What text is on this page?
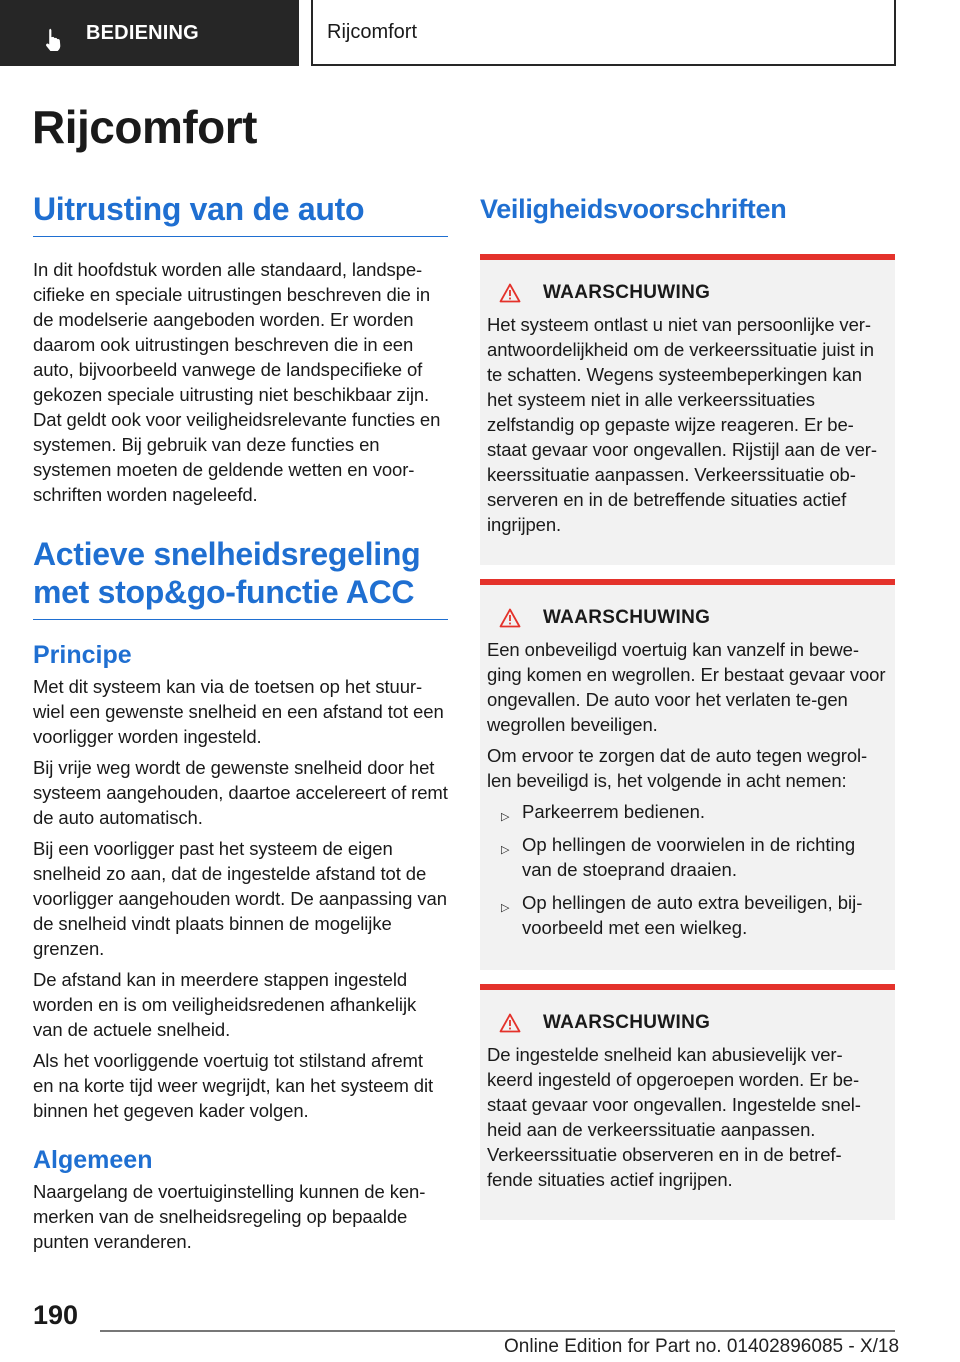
BEDIENING	Rijcomfort
Rijcomfort
Uitrusting van de auto

In dit hoofdstuk worden alle standaard, landspe-cifieke en speciale uitrustingen beschreven die in de modelserie aangeboden worden. Er worden daarom ook uitrustingen beschreven die in een auto, bijvoorbeeld vanwege de landspecifieke of gekozen speciale uitrusting niet beschikbaar zijn. Dat geldt ook voor veiligheidsrelevante functies en systemen. Bij gebruik van deze functies en systemen moeten de geldende wetten en voor-schriften worden nageleefd.

Actieve snelheidsregeling met stop&go-functie ACC
Principe

Met dit systeem kan via de toetsen op het stuur-wiel een gewenste snelheid en een afstand tot een voorligger worden ingesteld.

Bij vrije weg wordt de gewenste snelheid door het systeem aangehouden, daartoe accelereert of remt de auto automatisch.

Bij een voorligger past het systeem de eigen snelheid zo aan, dat de ingestelde afstand tot de voorligger aangehouden wordt. De aanpassing van de snelheid vindt plaats binnen de mogelijke grenzen.

De afstand kan in meerdere stappen ingesteld worden en is om veiligheidsredenen afhankelijk van de actuele snelheid.

Als het voorliggende voertuig tot stilstand afremt en na korte tijd weer wegrijdt, kan het systeem dit binnen het gegeven kader volgen.

Algemeen

Naargelang de voertuiginstelling kunnen de ken-merken van de snelheidsregeling op bepaalde punten veranderen.

Veiligheidsvoorschriften
WAARSCHUWING

Het systeem ontlast u niet van persoonlijke ver-antwoordelijkheid om de verkeerssituatie juist in te schatten. Wegens systeembeperkingen kan het systeem niet in alle verkeerssituaties zelfstandig op gepaste wijze reageren. Er be-staat gevaar voor ongevallen. Rijstijl aan de ver-keerssituatie aanpassen. Verkeerssituatie ob-serveren en in de betreffende situaties actief ingrijpen.

WAARSCHUWING

Een onbeveiligd voertuig kan vanzelf in bewe-ging komen en wegrollen. Er bestaat gevaar voor ongevallen. De auto voor het verlaten te-gen wegrollen beveiligen.

Om ervoor te zorgen dat de auto tegen wegrol-len beveiligd is, het volgende in acht nemen:

▷ Parkeerrem bedienen.
▷ Op hellingen de voorwielen in de richting van de stoeprand draaien.
▷ Op hellingen de auto extra beveiligen, bij-voorbeeld met een wielkeg.
WAARSCHUWING

De ingestelde snelheid kan abusievelijk ver-keerd ingesteld of opgeroepen worden. Er be-staat gevaar voor ongevallen. Ingestelde snel-heid aan de verkeerssituatie aanpassen. Verkeerssituatie observeren en in de betref-fende situaties actief ingrijpen.

190
Online Edition for Part no. 01402896085 - X/18
